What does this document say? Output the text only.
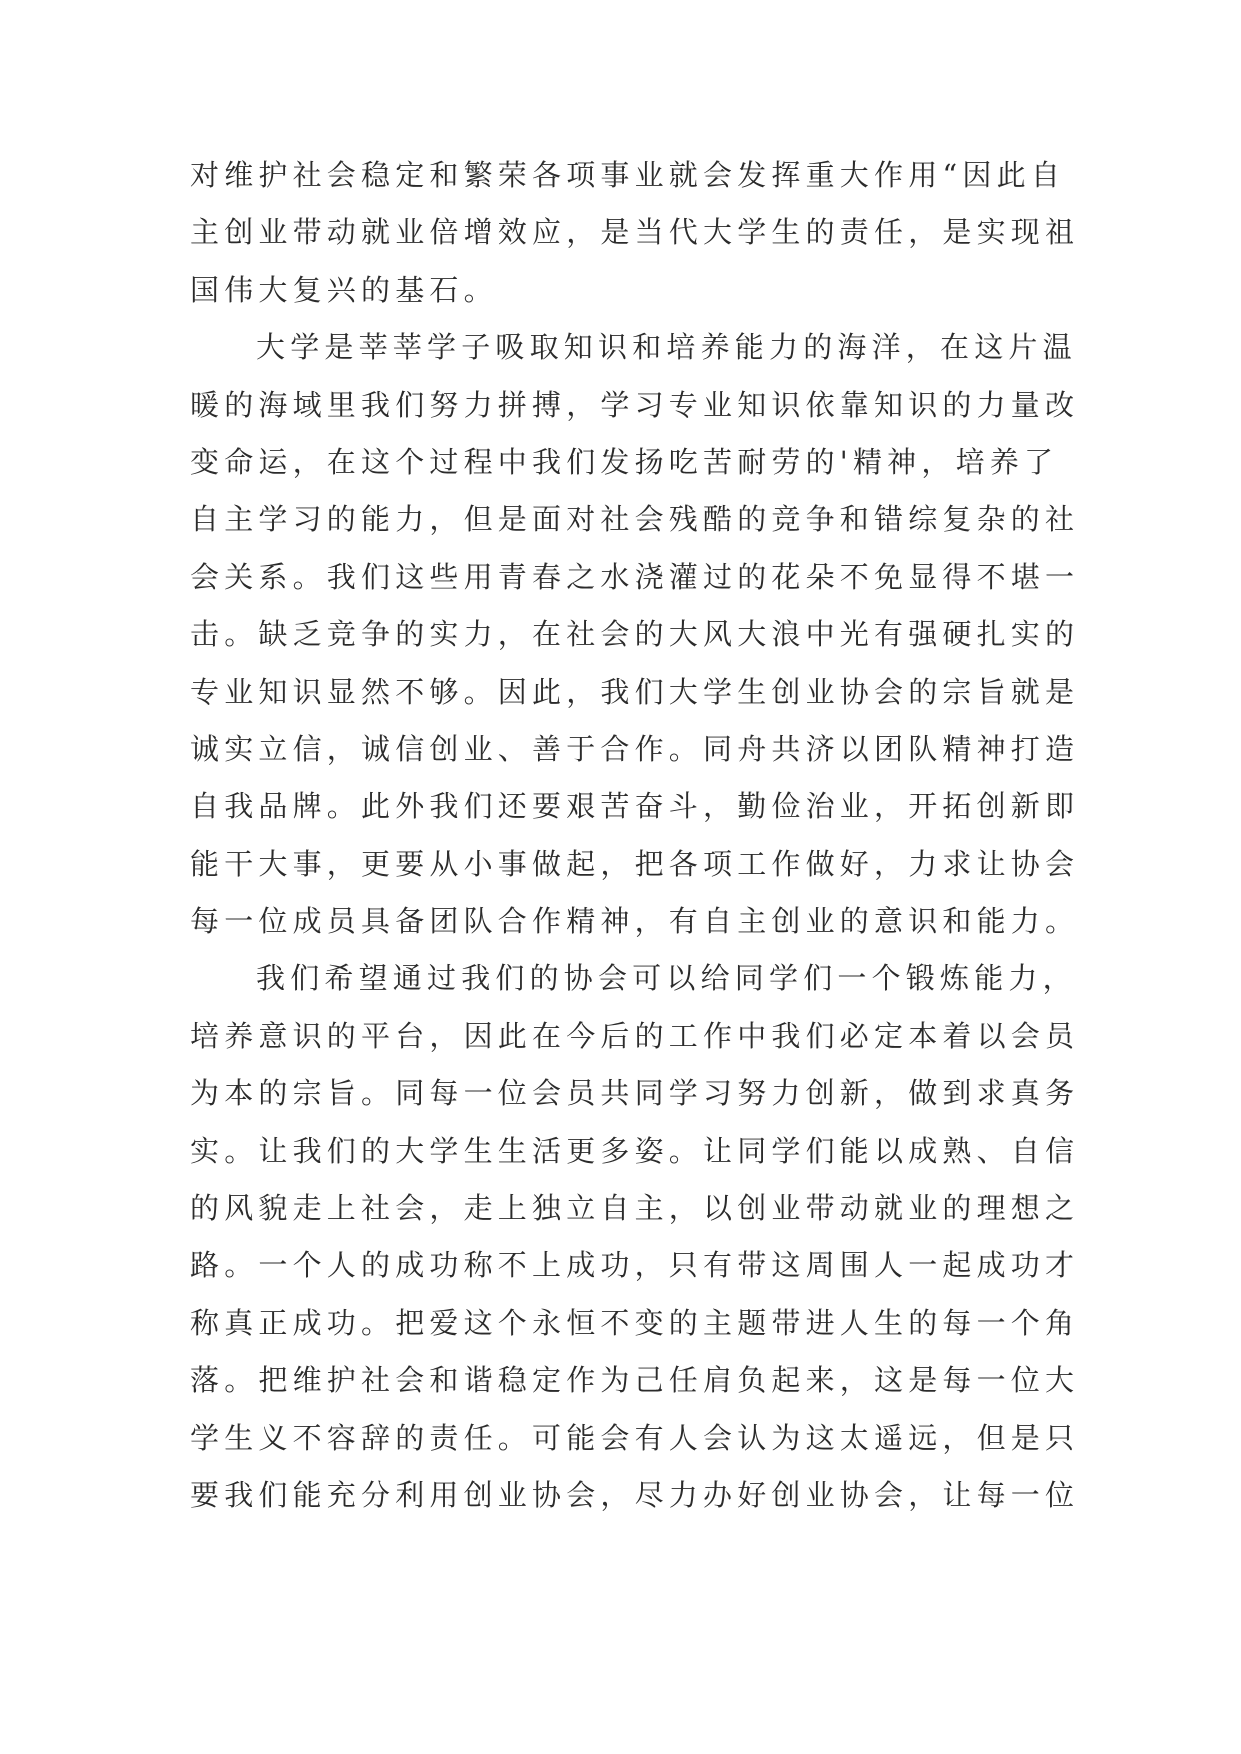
对维护社会稳定和繁荣各项事业就会发挥重大作用“因此自
主创业带动就业倍增效应，是当代大学生的责任，是实现祖
国伟大复兴的基石。
大学是莘莘学子吸取知识和培养能力的海洋，在这片温
暖的海域里我们努力拼搏，学习专业知识依靠知识的力量改
变命运，在这个过程中我们发扬吃苦耐劳的'精神，培养了
自主学习的能力，但是面对社会残酷的竞争和错综复杂的社
会关系。我们这些用青春之水浇灌过的花朵不免显得不堪一
击。缺乏竞争的实力，在社会的大风大浪中光有强硬扎实的
专业知识显然不够。因此，我们大学生创业协会的宗旨就是
诚实立信，诚信创业、善于合作。同舟共济以团队精神打造
自我品牌。此外我们还要艰苦奋斗，勤俭治业，开拓创新即
能干大事，更要从小事做起，把各项工作做好，力求让协会
每一位成员具备团队合作精神，有自主创业的意识和能力。
我们希望通过我们的协会可以给同学们一个锻炼能力，
培养意识的平台，因此在今后的工作中我们必定本着以会员
为本的宗旨。同每一位会员共同学习努力创新，做到求真务
实。让我们的大学生生活更多姿。让同学们能以成熟、自信
的风貌走上社会，走上独立自主，以创业带动就业的理想之
路。一个人的成功称不上成功，只有带这周围人一起成功才
称真正成功。把爱这个永恒不变的主题带进人生的每一个角
落。把维护社会和谐稳定作为己任肩负起来，这是每一位大
学生义不容辞的责任。可能会有人会认为这太遥远，但是只
要我们能充分利用创业协会，尽力办好创业协会，让每一位
